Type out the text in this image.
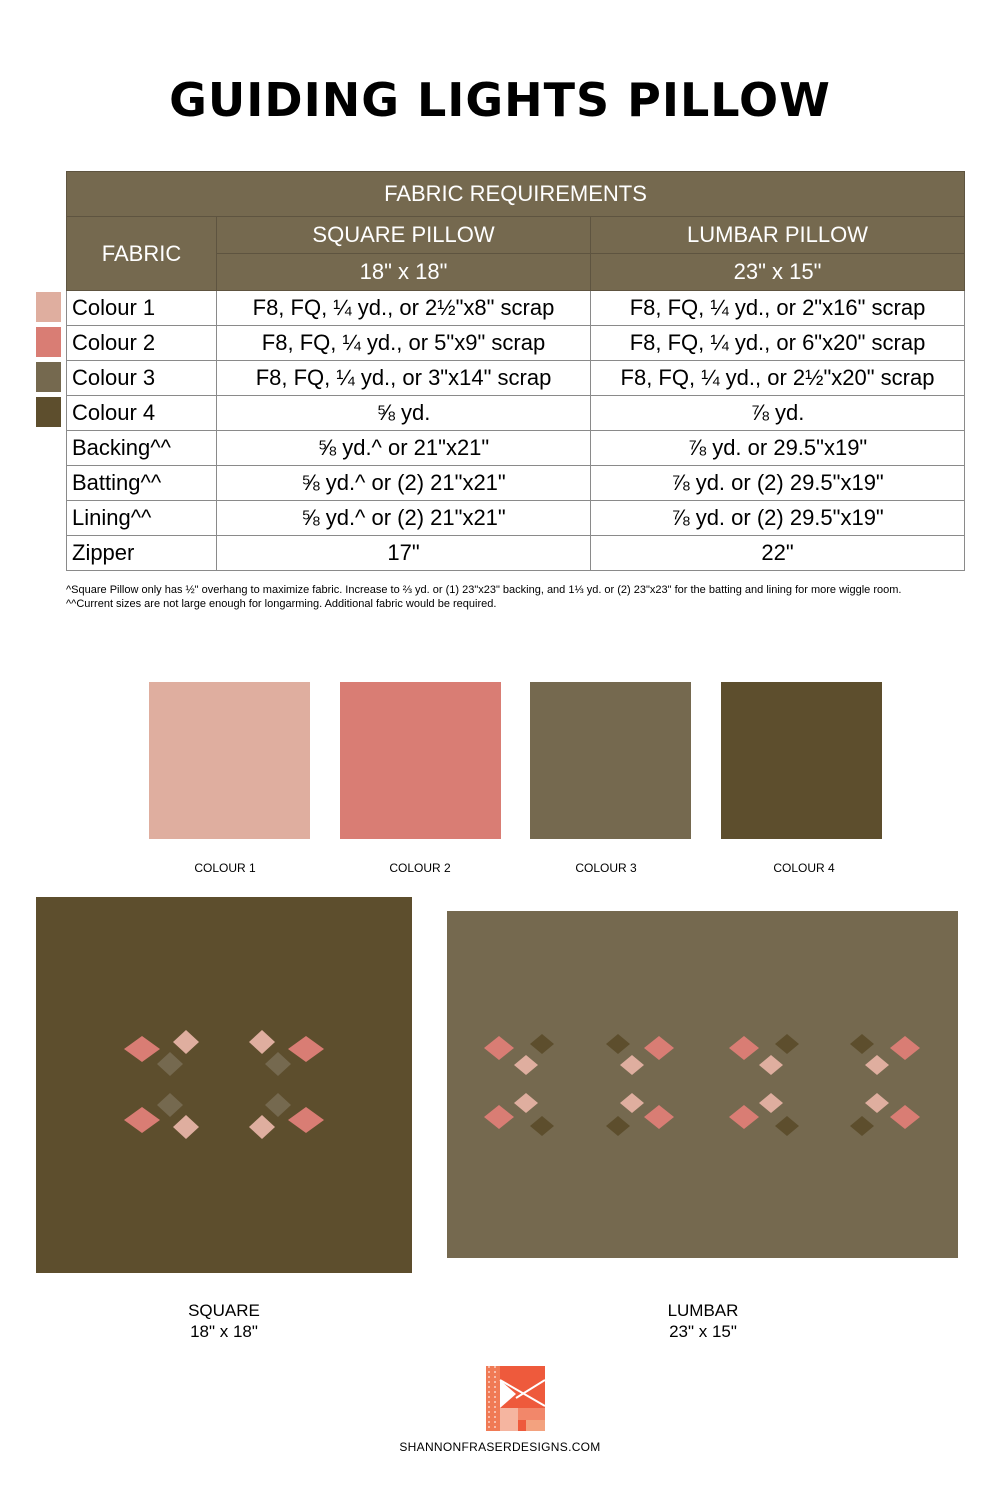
GUIDING LIGHTS PILLOW
FABRIC REQUIREMENTS		
FABRIC	SQUARE PILLOW	LUMBAR PILLOW
	18" x 18"	23" x 15"
Colour 1	F8, FQ, ¼ yd., or 2½"x8" scrap	F8, FQ, ¼ yd., or 2"x16" scrap
Colour 2	F8, FQ, ¼ yd., or 5"x9" scrap	F8, FQ, ¼ yd., or 6"x20" scrap
Colour 3	F8, FQ, ¼ yd., or 3"x14" scrap	F8, FQ, ¼ yd., or 2½"x20" scrap
Colour 4	⅝ yd.	⅞ yd.
Backing^^	⅝ yd.^ or 21"x21"	⅞ yd. or 29.5"x19"
Batting^^	⅝ yd.^ or (2) 21"x21"	⅞ yd. or (2) 29.5"x19"
Lining^^	⅝ yd.^ or (2) 21"x21"	⅞ yd. or (2) 29.5"x19"
Zipper	17"	22"
^Square Pillow only has ½" overhang to maximize fabric. Increase to ⅔ yd. or (1) 23"x23" backing, and 1⅓ yd. or (2) 23"x23" for the batting and lining for more wiggle room.
^^Current sizes are not large enough for longarming. Additional fabric would be required.
COLOUR 1	COLOUR 2	COLOUR 3	COLOUR 4
SQUARE
18" x 18"
LUMBAR
23" x 15"
SHANNONFRASERDESIGNS.COM
